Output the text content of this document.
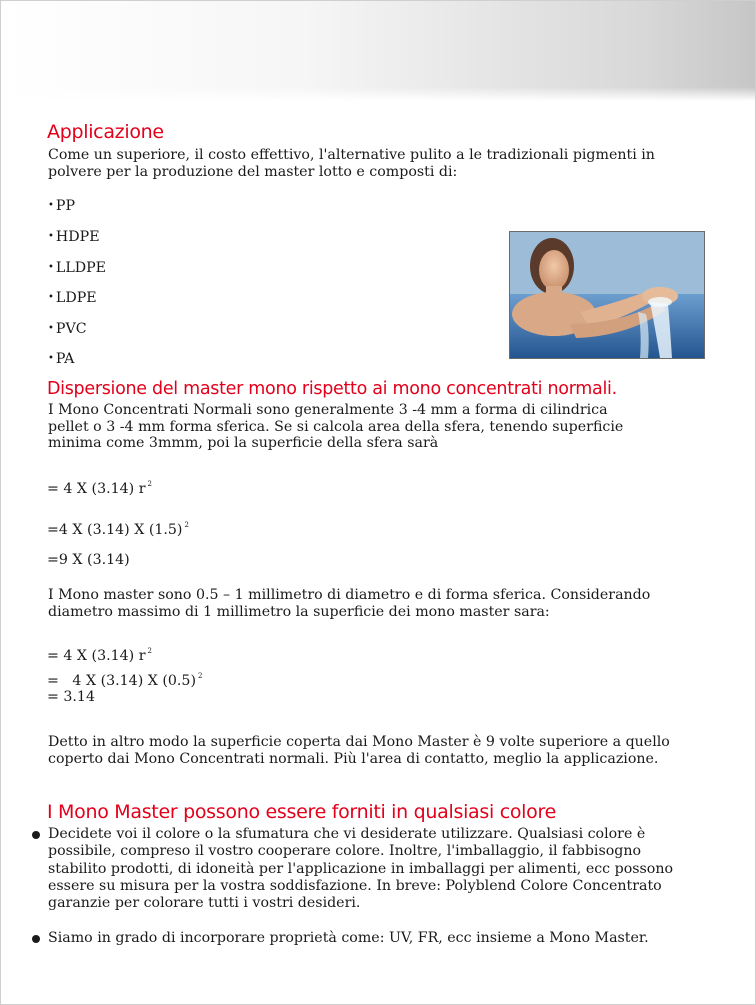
Applicazione

Come un superiore, il costo effettivo, l'alternative pulito a le tradizionali pigmenti in

polvere per la produzione del master lotto e composti di:

• PP
• HDPE
• LLDPE
• LDPE
• PVC
• PA
Dispersione del master mono rispetto ai mono concentrati normali.

I Mono Concentrati Normali sono generalmente 3 -4 mm a forma di cilindrica

pellet o 3 -4 mm forma sferica. Se si calcola area della sfera, tenendo superficie

minima come 3mmm, poi la superficie della sfera sarà

= 4 X (3.14) r $^2$
=4 X (3.14) X (1.5) $^2$
=9 X (3.14)

I Mono master sono 0.5 – 1 millimetro di diametro e di forma sferica. Considerando

diametro massimo di 1 millimetro la superficie dei mono master sara:

= 4 X (3.14) r $^2$
=   4 X (3.14) X (0.5) $^2$
= 3.14

Detto in altro modo la superficie coperta dai Mono Master è 9 volte superiore a quello

coperto dai Mono Concentrati normali. Più l'area di contatto, meglio la applicazione.

I Mono Master possono essere forniti in qualsiasi colore

Decidete voi il colore o la sfumatura che vi desiderate utilizzare. Qualsiasi colore è

possibile, compreso il vostro cooperare colore. Inoltre, l'imballaggio, il fabbisogno

stabilito prodotti, di idoneità per l'applicazione in imballaggi per alimenti, ecc possono

essere su misura per la vostra soddisfazione. In breve: Polyblend Colore Concentrato

garanzie per colorare tutti i vostri desideri.

Siamo in grado di incorporare proprietà come: UV, FR, ecc insieme a Mono Master.
